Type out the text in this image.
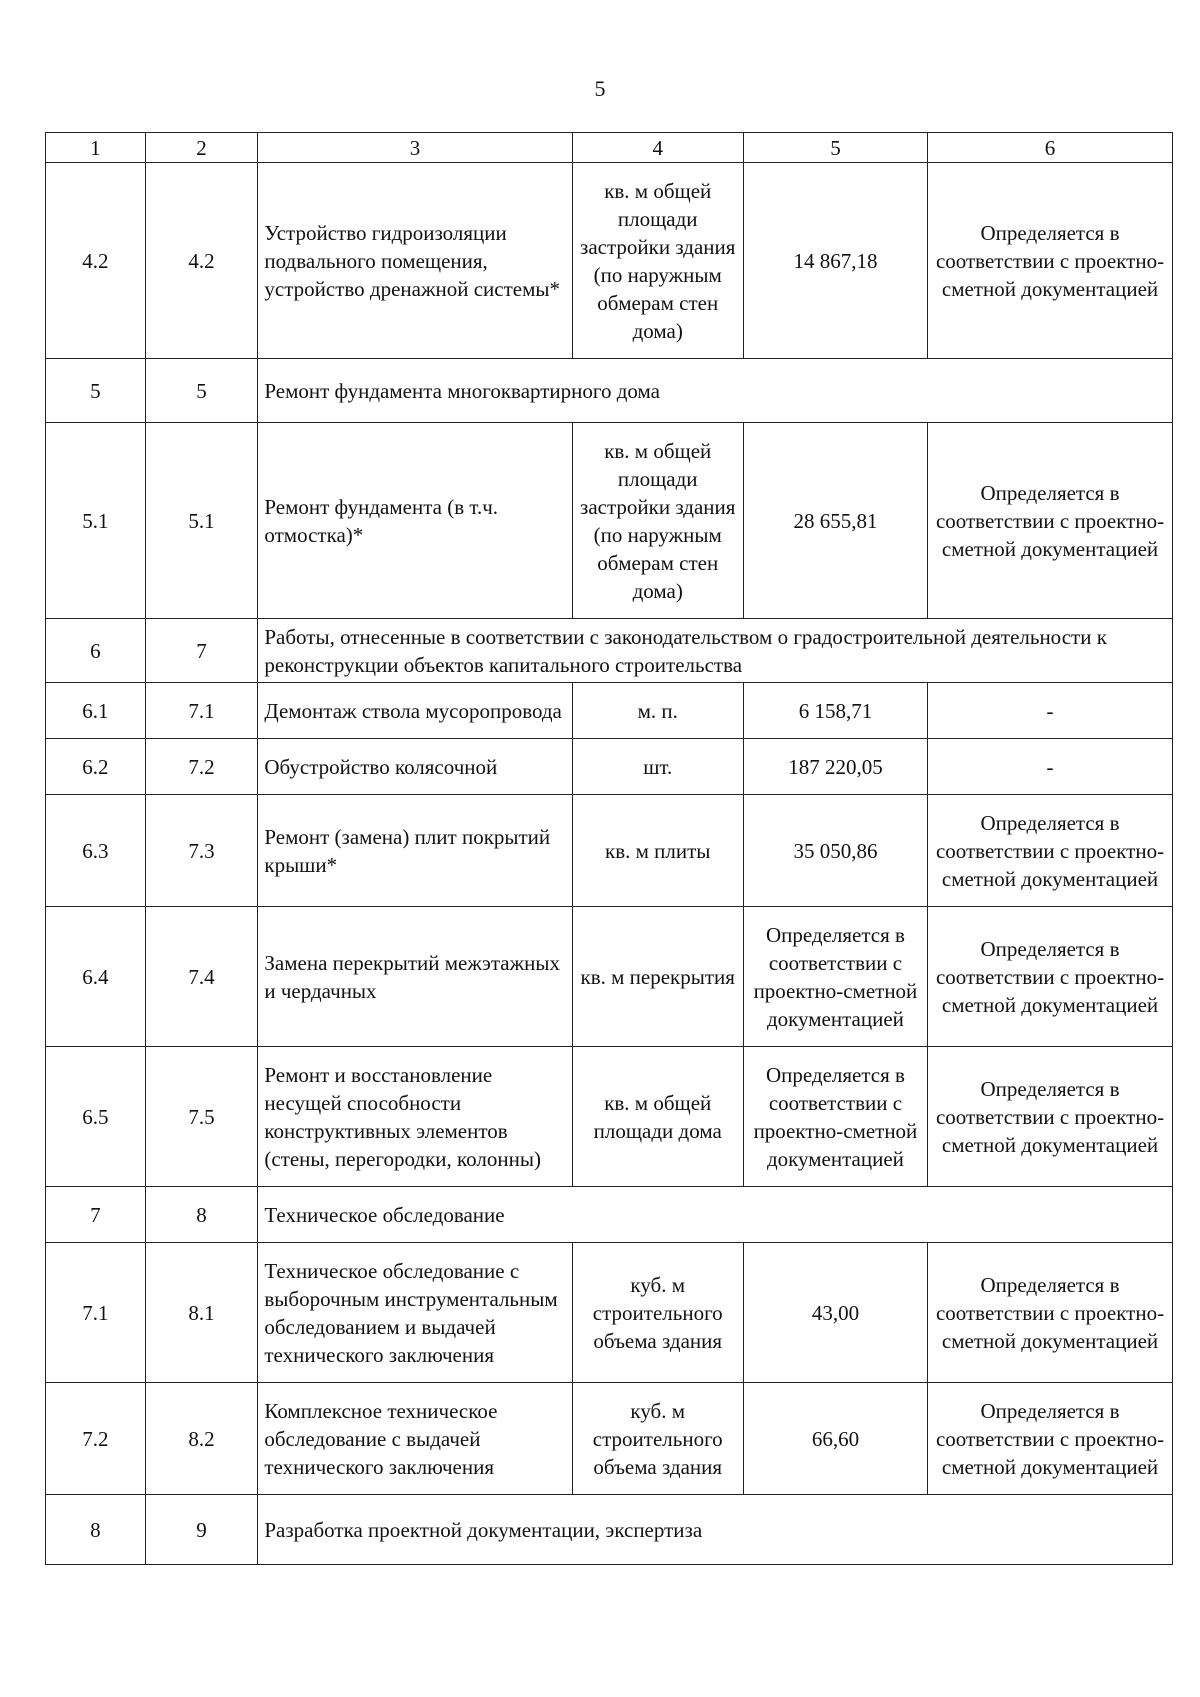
5
1	2	3	4	5	6
4.2	4.2	Устройство гидроизоляции подвального помещения, устройство дренажной системы*	кв. м общей площади застройки здания (по наружным обмерам стен дома)	14 867,18	Определяется в соответствии с проектно-сметной документацией
5	5	Ремонт фундамента многоквартирного дома			
5.1	5.1	Ремонт фундамента (в т.ч. отмостка)*	кв. м общей площади застройки здания (по наружным обмерам стен дома)	28 655,81	Определяется в соответствии с проектно-сметной документацией
6	7	Работы, отнесенные в соответствии с законодательством о градостроительной деятельности к реконструкции объектов капитального строительства			
6.1	7.1	Демонтаж ствола мусоропровода	м. п.	6 158,71	-
6.2	7.2	Обустройство колясочной	шт.	187 220,05	-
6.3	7.3	Ремонт (замена) плит покрытий крыши*	кв. м плиты	35 050,86	Определяется в соответствии с проектно-сметной документацией
6.4	7.4	Замена перекрытий межэтажных и чердачных	кв. м перекрытия	Определяется в соответствии с проектно-сметной документацией	Определяется в соответствии с проектно-сметной документацией
6.5	7.5	Ремонт и восстановление несущей способности конструктивных элементов (стены, перегородки, колонны)	кв. м общей площади дома	Определяется в соответствии с проектно-сметной документацией	Определяется в соответствии с проектно-сметной документацией
7	8	Техническое обследование			
7.1	8.1	Техническое обследование с выборочным инструментальным обследованием и выдачей технического заключения	куб. м строительного объема здания	43,00	Определяется в соответствии с проектно-сметной документацией
7.2	8.2	Комплексное техническое обследование с выдачей технического заключения	куб. м строительного объема здания	66,60	Определяется в соответствии с проектно-сметной документацией
8	9	Разработка проектной документации, экспертиза			
